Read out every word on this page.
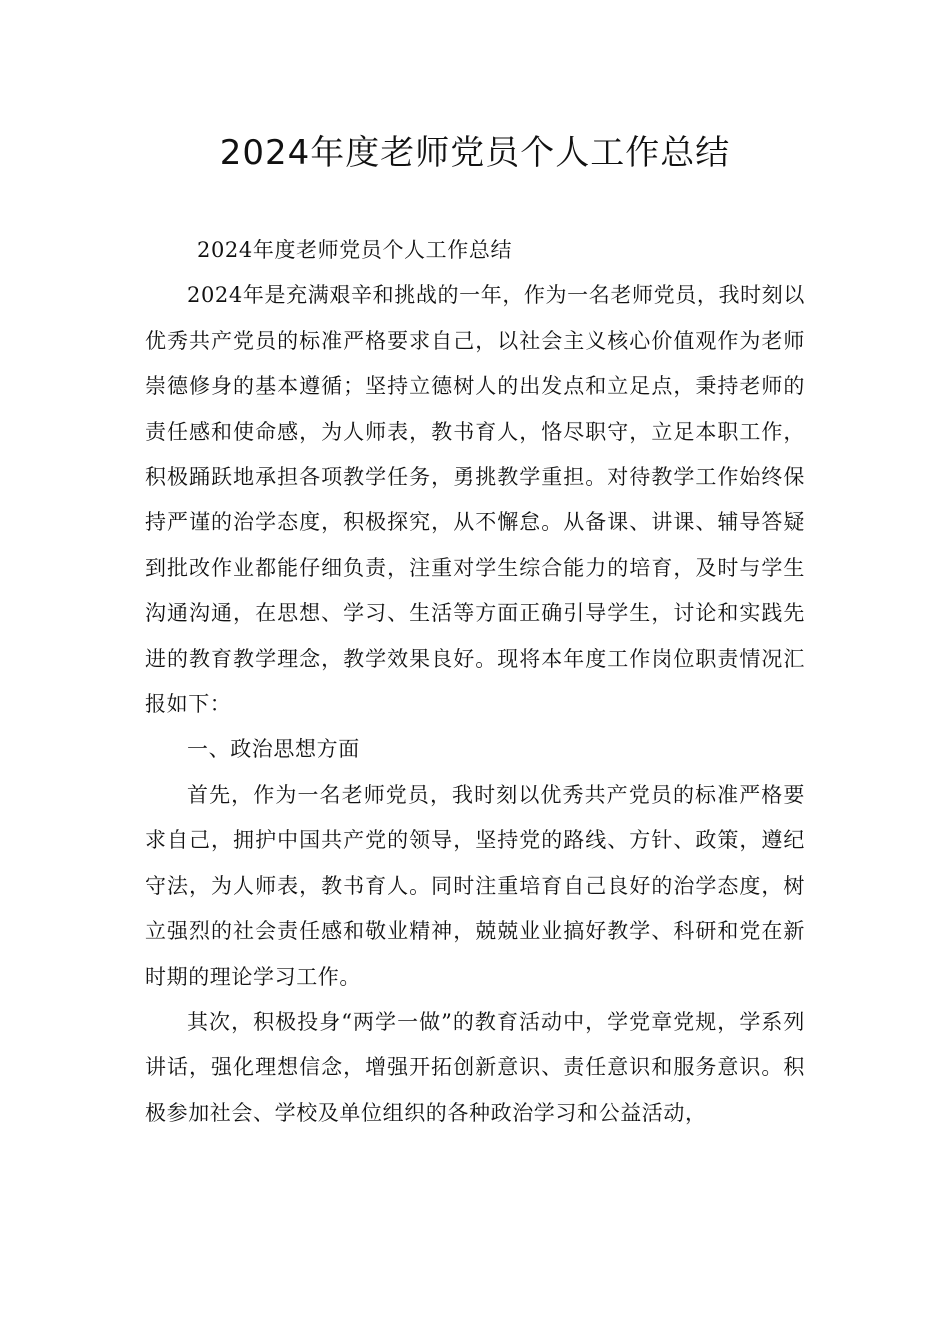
2024年度老师党员个人工作总结

2024年度老师党员个人工作总结

2024年是充满艰辛和挑战的一年，作为一名老师党员，我时刻以优秀共产党员的标准严格要求自己，以社会主义核心价值观作为老师崇德修身的基本遵循；坚持立德树人的出发点和立足点，秉持老师的责任感和使命感，为人师表，教书育人，恪尽职守，立足本职工作，积极踊跃地承担各项教学任务，勇挑教学重担。对待教学工作始终保持严谨的治学态度，积极探究，从不懈怠。从备课、讲课、辅导答疑到批改作业都能仔细负责，注重对学生综合能力的培育，及时与学生沟通沟通，在思想、学习、生活等方面正确引导学生，讨论和实践先进的教育教学理念，教学效果良好。现将本年度工作岗位职责情况汇报如下：

一、政治思想方面

首先，作为一名老师党员，我时刻以优秀共产党员的标准严格要求自己，拥护中国共产党的领导，坚持党的路线、方针、政策，遵纪守法，为人师表，教书育人。同时注重培育自己良好的治学态度，树立强烈的社会责任感和敬业精神，兢兢业业搞好教学、科研和党在新时期的理论学习工作。

其次，积极投身“两学一做”的教育活动中，学党章党规，学系列讲话，强化理想信念，增强开拓创新意识、责任意识和服务意识。积极参加社会、学校及单位组织的各种政治学习和公益活动，
